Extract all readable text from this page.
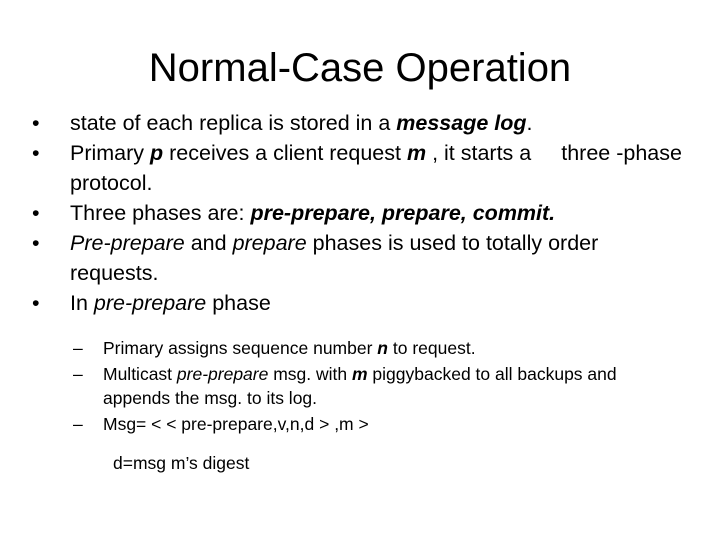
Normal-Case Operation
• state of each replica is stored in a message log.
• Primary p receives a client request m , it starts a three -phase protocol.
• Three phases are: pre-prepare, prepare, commit.
• Pre-prepare and prepare phases is used to totally order requests.
• In pre-prepare phase
– Primary assigns sequence number n to request.
– Multicast pre-prepare msg. with m piggybacked to all backups and appends the msg. to its log.
– Msg= < < pre-prepare,v,n,d > ,m >
d=msg m’s digest
